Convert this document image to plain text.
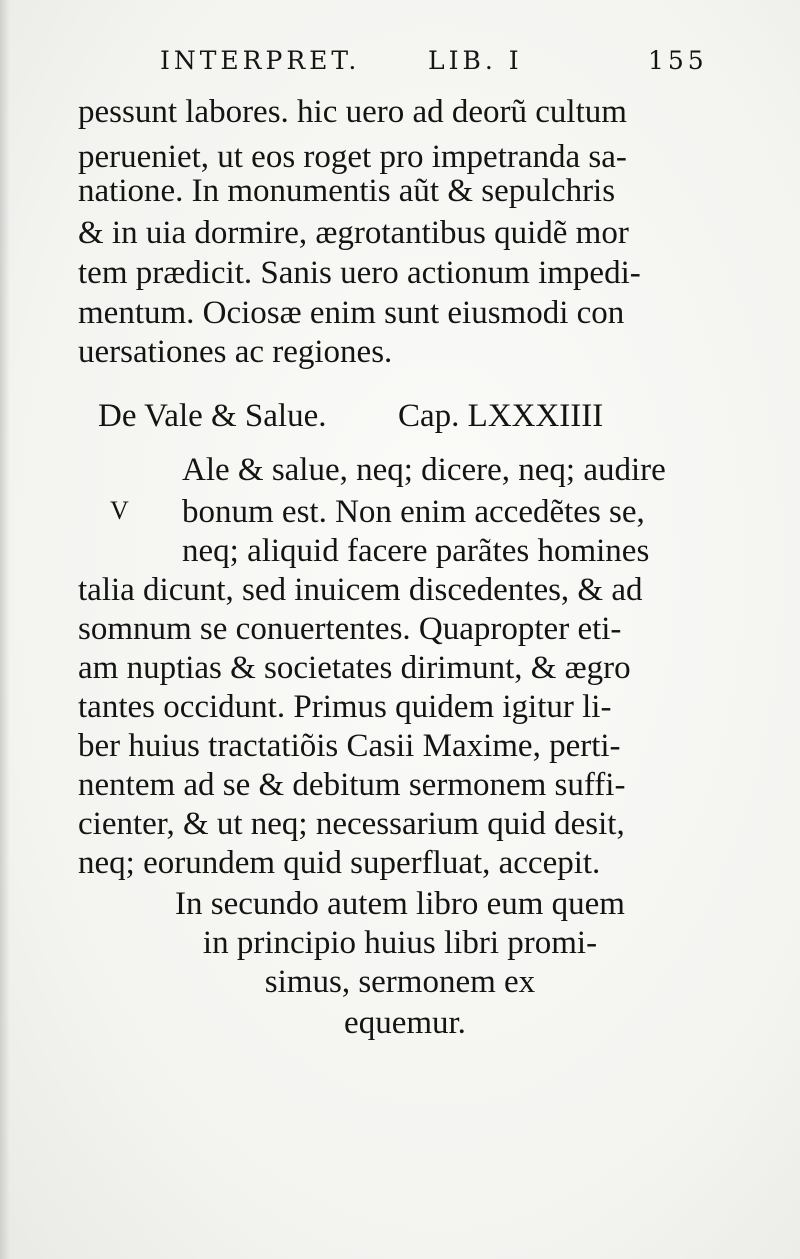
INTERPRET.	LIB. I	155
pessunt labores. hic uero ad deorũ cultum
perueniet, ut eos roget pro impetranda sa-
natione. In monumentis aũt & sepulchris
& in uia dormire, ægrotantibus quidẽ mor
tem prædicit. Sanis uero actionum impedi-
mentum. Ociosæ enim sunt eiusmodi con
uersationes ac regiones.
De Vale & Salue. Cap. LXXXIIII
V
Ale & salue, neq; dicere, neq; audire
bonum est. Non enim accedẽtes se,
neq; aliquid facere parãtes homines
talia dicunt, sed inuicem discedentes, & ad
somnum se conuertentes. Quapropter eti-
am nuptias & societates dirimunt, & ægro
tantes occidunt. Primus quidem igitur li-
ber huius tractatiõis Casii Maxime, perti-
nentem ad se & debitum sermonem suffi-
cienter, & ut neq; necessarium quid desit,
neq; eorundem quid superfluat, accepit.
In secundo autem libro eum quem
in principio huius libri promi-
simus, sermonem ex
equemur.
